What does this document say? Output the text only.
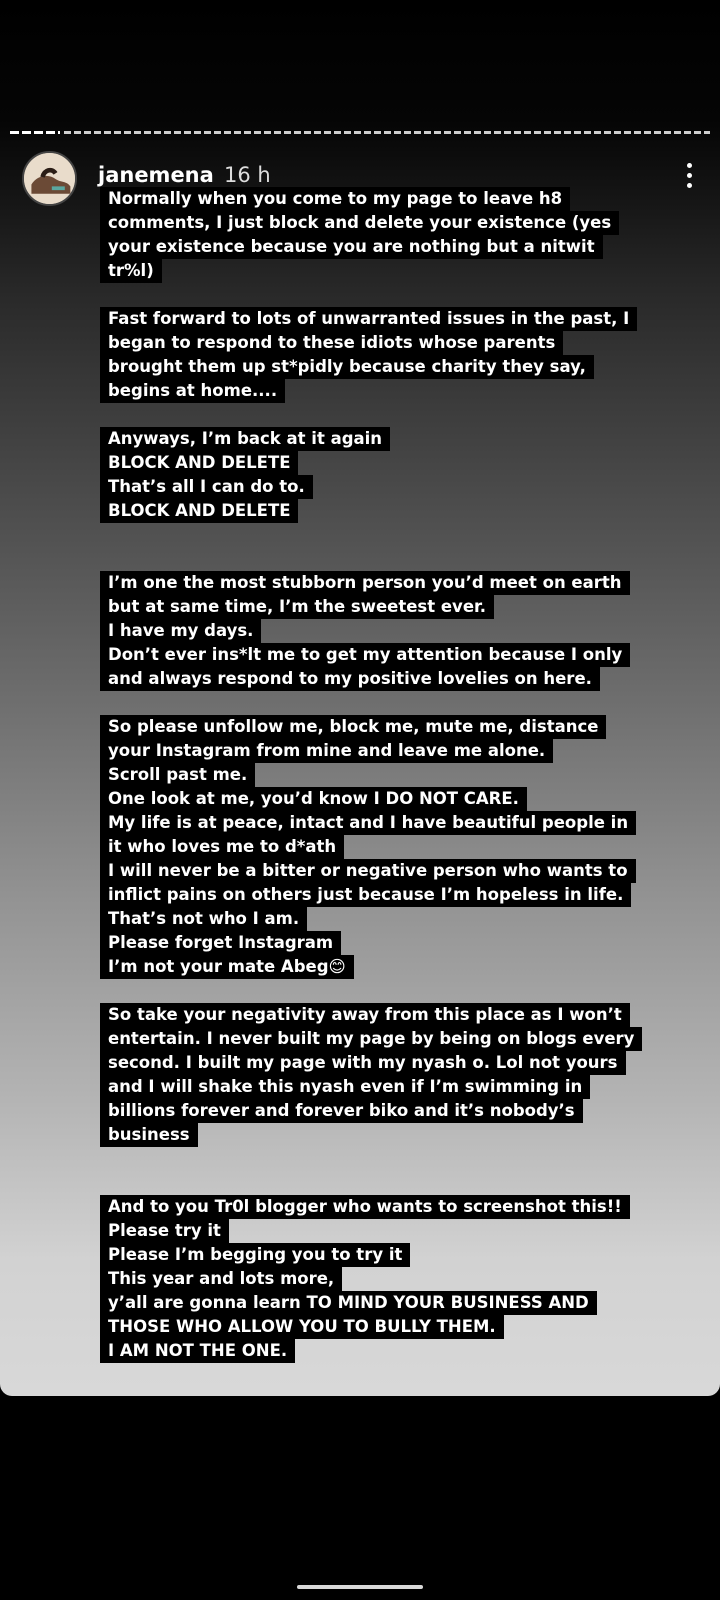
janemena 16 h
Normally when you come to my page to leave h8
comments, I just block and delete your existence (yes
your existence because you are nothing but a nitwit
tr%l)
Fast forward to lots of unwarranted issues in the past, I
began to respond to these idiots whose parents
brought them up st*pidly because charity they say,
begins at home....
Anyways, I’m back at it again
BLOCK AND DELETE
That’s all I can do to.
BLOCK AND DELETE
I’m one the most stubborn person you’d meet on earth
but at same time, I’m the sweetest ever.
I have my days.
Don’t ever ins*lt me to get my attention because I only
and always respond to my positive lovelies on here.
So please unfollow me, block me, mute me, distance
your Instagram from mine and leave me alone.
Scroll past me.
One look at me, you’d know I DO NOT CARE.
My life is at peace, intact and I have beautiful people in
it who loves me to d*ath
I will never be a bitter or negative person who wants to
inflict pains on others just because I’m hopeless in life.
That’s not who I am.
Please forget Instagram
I’m not your mate Abeg😊
So take your negativity away from this place as I won’t
entertain. I never built my page by being on blogs every
second. I built my page with my nyash o. Lol not yours
and I will shake this nyash even if I’m swimming in
billions forever and forever biko and it’s nobody’s
business
And to you Tr0l blogger who wants to screenshot this!!
Please try it
Please I’m begging you to try it
This year and lots more,
y’all are gonna learn TO MIND YOUR BUSINESS AND
THOSE WHO ALLOW YOU TO BULLY THEM.
I AM NOT THE ONE.
